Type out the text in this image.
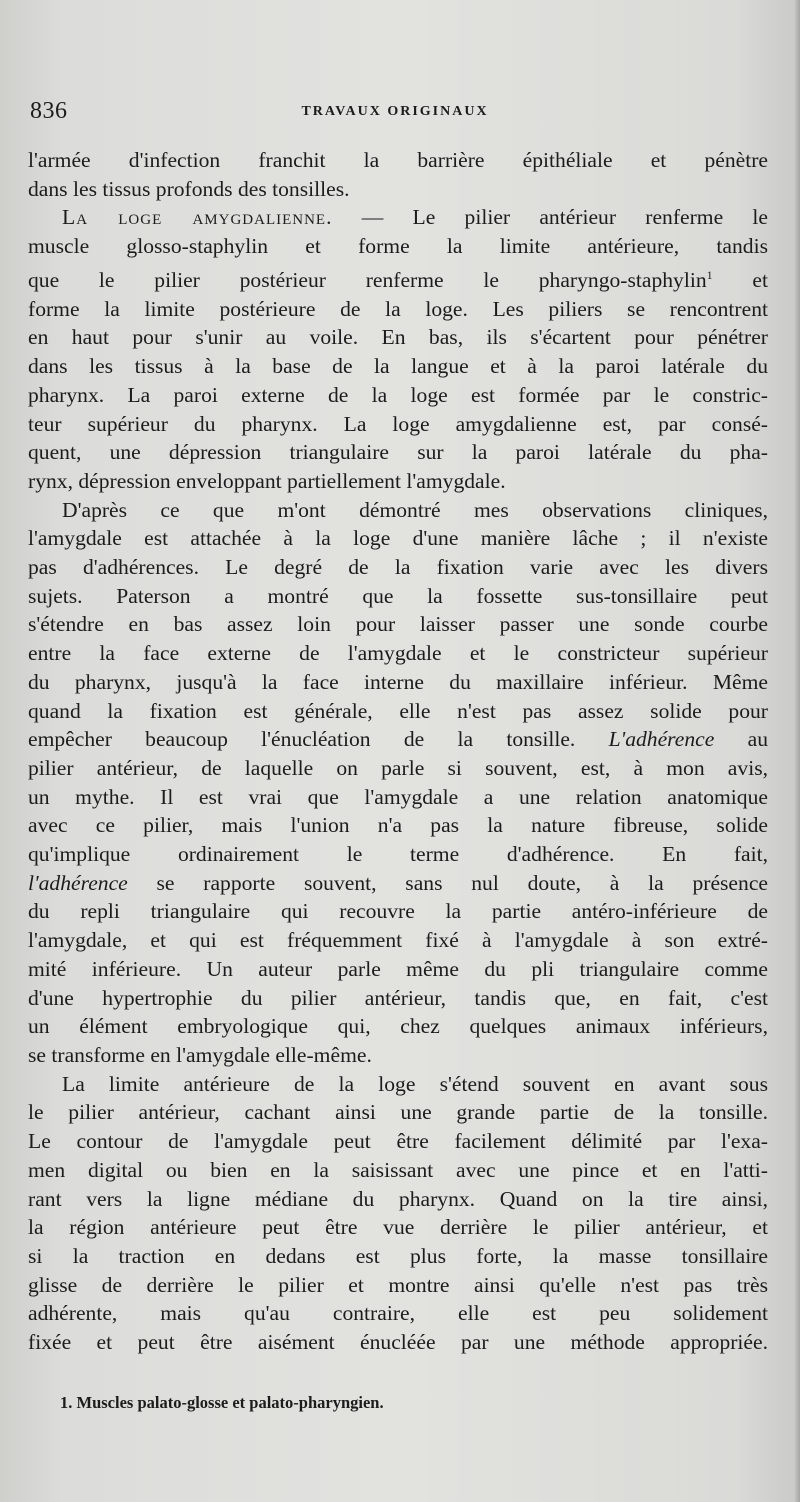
836	TRAVAUX ORIGINAUX
l'armée d'infection franchit la barrière épithéliale et pénètre
dans les tissus profonds des tonsilles.
La loge amygdalienne. — Le pilier antérieur renferme le
muscle glosso-staphylin et forme la limite antérieure, tandis
que le pilier postérieur renferme le pharyngo-staphylin$^1$ et
forme la limite postérieure de la loge. Les piliers se rencontrent
en haut pour s'unir au voile. En bas, ils s'écartent pour pénétrer
dans les tissus à la base de la langue et à la paroi latérale du
pharynx. La paroi externe de la loge est formée par le constric-
teur supérieur du pharynx. La loge amygdalienne est, par consé-
quent, une dépression triangulaire sur la paroi latérale du pha-
rynx, dépression enveloppant partiellement l'amygdale.
D'après ce que m'ont démontré mes observations cliniques,
l'amygdale est attachée à la loge d'une manière lâche ; il n'existe
pas d'adhérences. Le degré de la fixation varie avec les divers
sujets. Paterson a montré que la fossette sus-tonsillaire peut
s'étendre en bas assez loin pour laisser passer une sonde courbe
entre la face externe de l'amygdale et le constricteur supérieur
du pharynx, jusqu'à la face interne du maxillaire inférieur. Même
quand la fixation est générale, elle n'est pas assez solide pour
empêcher beaucoup l'énucléation de la tonsille. L'adhérence au
pilier antérieur, de laquelle on parle si souvent, est, à mon avis,
un mythe. Il est vrai que l'amygdale a une relation anatomique
avec ce pilier, mais l'union n'a pas la nature fibreuse, solide
qu'implique ordinairement le terme d'adhérence. En fait,
l'adhérence se rapporte souvent, sans nul doute, à la présence
du repli triangulaire qui recouvre la partie antéro-inférieure de
l'amygdale, et qui est fréquemment fixé à l'amygdale à son extré-
mité inférieure. Un auteur parle même du pli triangulaire comme
d'une hypertrophie du pilier antérieur, tandis que, en fait, c'est
un élément embryologique qui, chez quelques animaux inférieurs,
se transforme en l'amygdale elle-même.
La limite antérieure de la loge s'étend souvent en avant sous
le pilier antérieur, cachant ainsi une grande partie de la tonsille.
Le contour de l'amygdale peut être facilement délimité par l'exa-
men digital ou bien en la saisissant avec une pince et en l'atti-
rant vers la ligne médiane du pharynx. Quand on la tire ainsi,
la région antérieure peut être vue derrière le pilier antérieur, et
si la traction en dedans est plus forte, la masse tonsillaire
glisse de derrière le pilier et montre ainsi qu'elle n'est pas très
adhérente, mais qu'au contraire, elle est peu solidement
fixée et peut être aisément énucléée par une méthode appropriée.
1. Muscles palato-glosse et palato-pharyngien.
